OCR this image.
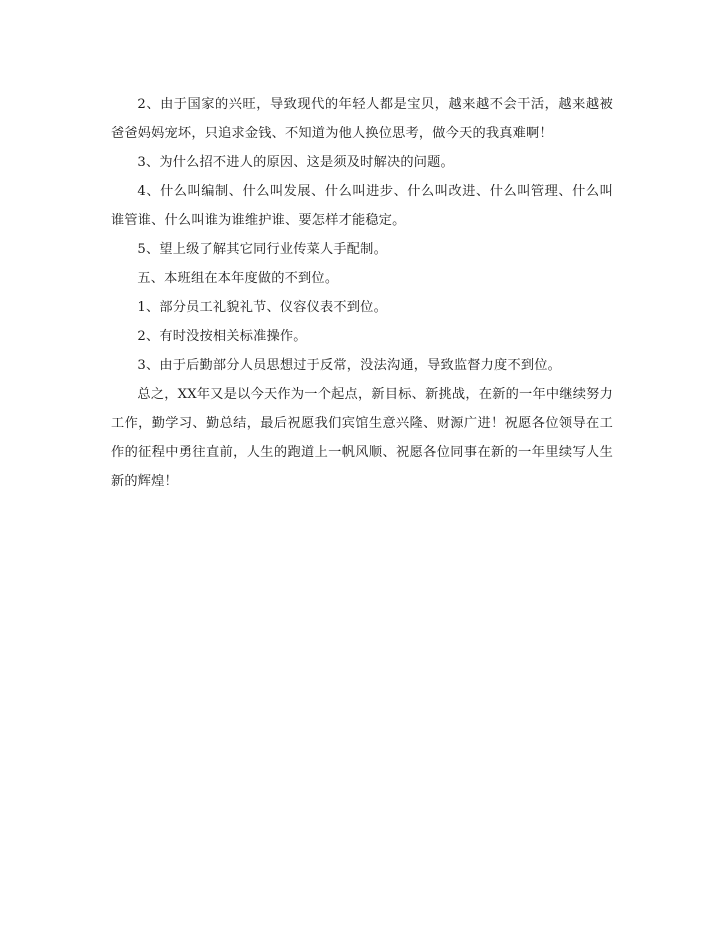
2、由于国家的兴旺，导致现代的年轻人都是宝贝，越来越不会干活，越来越被爸爸妈妈宠坏，只追求金钱、不知道为他人换位思考，做今天的我真难啊！

3、为什么招不进人的原因、这是须及时解决的问题。

4、什么叫编制、什么叫发展、什么叫进步、什么叫改进、什么叫管理、什么叫谁管谁、什么叫谁为谁维护谁、要怎样才能稳定。

5、望上级了解其它同行业传菜人手配制。

五、本班组在本年度做的不到位。

1、部分员工礼貌礼节、仪容仪表不到位。

2、有时没按相关标准操作。

3、由于后勤部分人员思想过于反常，没法沟通，导致监督力度不到位。

总之，XX年又是以今天作为一个起点，新目标、新挑战，在新的一年中继续努力工作，勤学习、勤总结，最后祝愿我们宾馆生意兴隆、财源广进！祝愿各位领导在工作的征程中勇往直前，人生的跑道上一帆风顺、祝愿各位同事在新的一年里续写人生新的辉煌！
